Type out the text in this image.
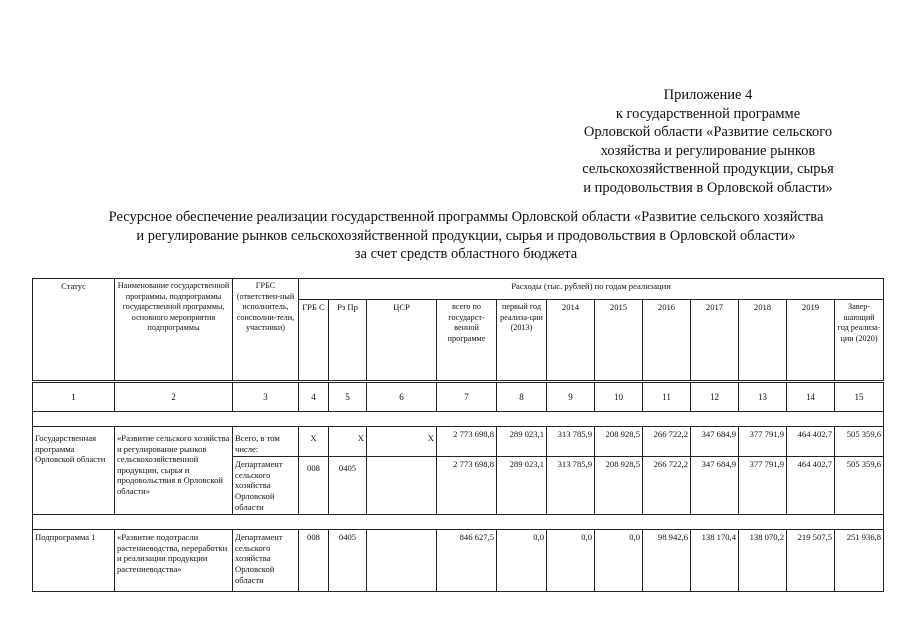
Приложение 4
к государственной программе
Орловской области «Развитие сельского
хозяйства и регулирование рынков
сельскохозяйственной продукции, сырья
и продовольствия в Орловской области»
Ресурсное обеспечение реализации государственной программы Орловской области «Развитие сельского хозяйства
и регулирование рынков сельскохозяйственной продукции, сырья и продовольствия в Орловской области»
за счет средств областного бюджета
Статус	Наименование государственной программы, подпрограммы государственной программы, основного мероприятия подпрограммы	ГРБС (ответствен-ный исполнитель, соисполни-тели, участники)	Расходы (тыс. рублей) по годам реализации											
			ГРБ С	Рз Пр	ЦСР	всего по государст-венной программе	первый год реализа-ции (2013)	2014	2015	2016	2017	2018	2019	Завер-шающий год реализа-ции (2020)
1	2	3	4	5	6	7	8	9	10	11	12	13	14	15

Государственная программа Орловской области	«Развитие сельского хозяйства и регулирование рынков сельскохозяйственной продукции, сырья и продовольствия в Орловской области»	Всего, в том числе:	Х	Х	Х	2 773 698,8	289 023,1	313 785,9	208 928,5	266 722,2	347 684,9	377 791,9	464 402,7	505 359,6
		Департамент сельского хозяйства Орловской области	008	0405		2 773 698,8	289 023,1	313 785,9	208 928,5	266 722,2	347 684,9	377 791,9	464 402,7	505 359,6

Подпрограмма 1	«Развитие подотрасли растениеводства, переработки и реализации продукции растениеводства»	Департамент сельского хозяйства Орловской области	008	0405		846 627,5	0,0	0,0	0,0	98 942,6	138 170,4	138 070,2	219 507,5	251 936,8
